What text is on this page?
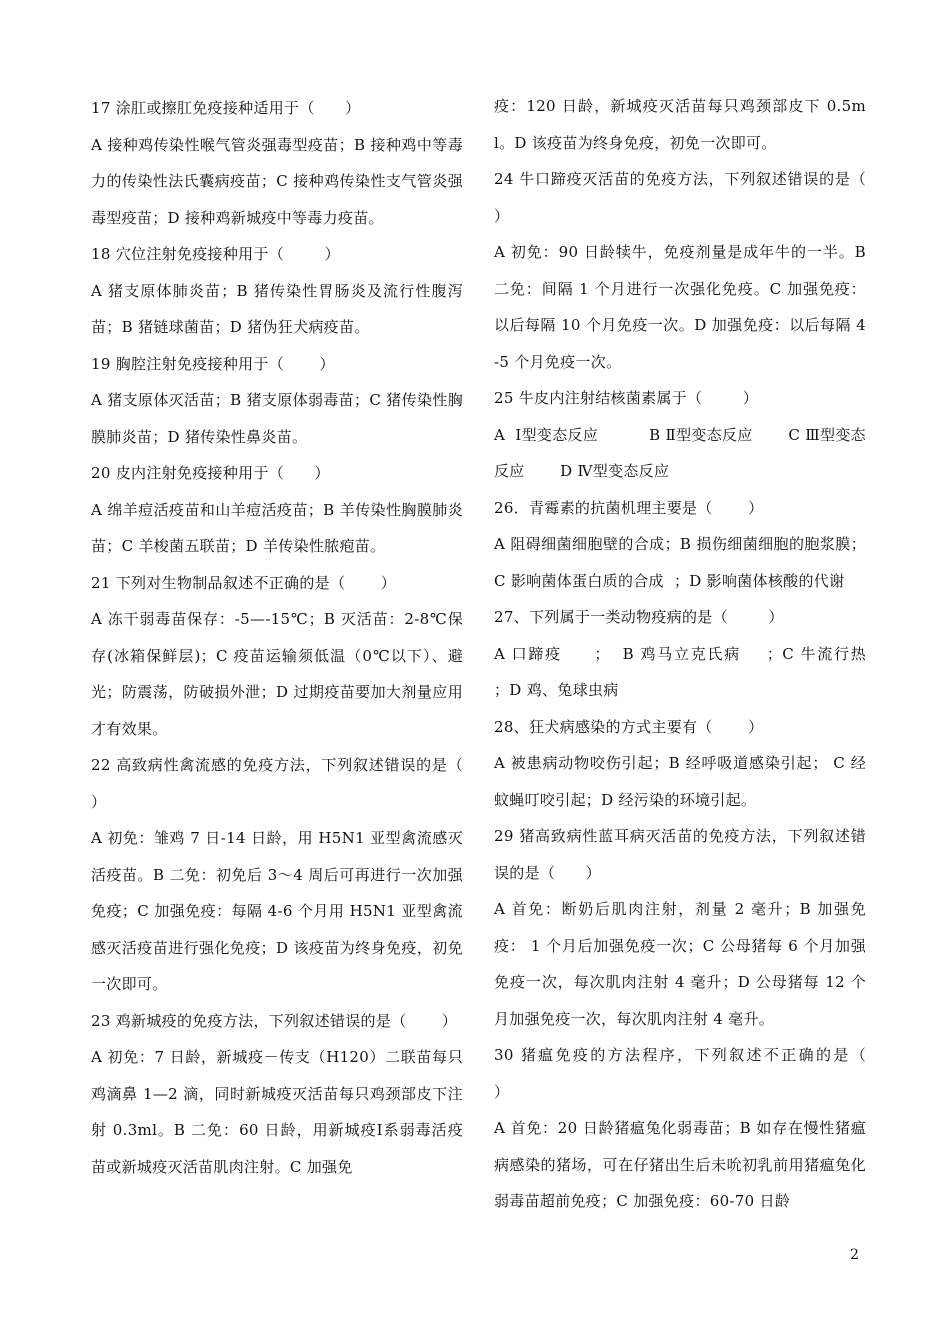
17 涂肛或擦肛免疫接种适用于（      ）

A 接种鸡传染性喉气管炎强毒型疫苗；B 接种鸡中等毒力的传染性法氏囊病疫苗；C 接种鸡传染性支气管炎强毒型疫苗；D 接种鸡新城疫中等毒力疫苗。

18 穴位注射免疫接种用于（        ）

A 猪支原体肺炎苗；B 猪传染性胃肠炎及流行性腹泻苗；B 猪链球菌苗；D 猪伪狂犬病疫苗。

19 胸腔注射免疫接种用于（       ）

A 猪支原体灭活苗；B 猪支原体弱毒苗；C 猪传染性胸膜肺炎苗；D 猪传染性鼻炎苗。

20 皮内注射免疫接种用于（      ）

A 绵羊痘活疫苗和山羊痘活疫苗；B 羊传染性胸膜肺炎苗；C 羊梭菌五联苗；D 羊传染性脓疱苗。

21 下列对生物制品叙述不正确的是（       ）

A 冻干弱毒苗保存：-5—-15℃；B 灭活苗：2-8℃保存(冰箱保鲜层)；C 疫苗运输须低温（0℃以下）、避光；防震荡，防破损外泄；D 过期疫苗要加大剂量应用才有效果。

22 高致病性禽流感的免疫方法，下列叙述错误的是（      ）

A 初免：雏鸡 7 日-14 日龄，用 H5N1 亚型禽流感灭活疫苗。B 二免：初免后 3～4 周后可再进行一次加强免疫；C 加强免疫：每隔 4-6 个月用 H5N1 亚型禽流感灭活疫苗进行强化免疫；D 该疫苗为终身免疫，初免一次即可。

23 鸡新城疫的免疫方法，下列叙述错误的是（       ）

A 初免：7 日龄，新城疫－传支（H120）二联苗每只鸡滴鼻 1—2 滴，同时新城疫灭活苗每只鸡颈部皮下注射 0.3ml。B 二免：60 日龄，用新城疫Ⅰ系弱毒活疫苗或新城疫灭活苗肌肉注射。C 加强免

疫：120 日龄，新城疫灭活苗每只鸡颈部皮下 0.5ml。D 该疫苗为终身免疫，初免一次即可。

24 牛口蹄疫灭活苗的免疫方法，下列叙述错误的是（       ）

A 初免：90 日龄犊牛，免疫剂量是成年牛的一半。B 二免：间隔 1 个月进行一次强化免疫。C 加强免疫：以后每隔 10 个月免疫一次。D 加强免疫：以后每隔 4-5 个月免疫一次。

25 牛皮内注射结核菌素属于（        ）

A  Ⅰ型变态反应          B Ⅱ型变态反应       C Ⅲ型变态反应       D Ⅳ型变态反应

26．青霉素的抗菌机理主要是（       ）

A 阻碍细菌细胞壁的合成；B 损伤细菌细胞的胞浆膜；C 影响菌体蛋白质的合成  ；D 影响菌体核酸的代谢

27、下列属于一类动物疫病的是（        ）

A 口蹄疫     ；  B 鸡马立克氏病    ；C 牛流行热      ；D 鸡、兔球虫病

28、狂犬病感染的方式主要有（       ）

A 被患病动物咬伤引起；B 经呼吸道感染引起； C 经蚊蝇叮咬引起；D 经污染的环境引起。

29 猪高致病性蓝耳病灭活苗的免疫方法，下列叙述错误的是（      ）

A 首免：断奶后肌肉注射，剂量 2 毫升；B 加强免疫： 1 个月后加强免疫一次；C 公母猪每 6 个月加强免疫一次，每次肌肉注射 4 毫升；D 公母猪每 12 个月加强免疫一次，每次肌肉注射 4 毫升。

30 猪瘟免疫的方法程序，下列叙述不正确的是（       ）

A 首免：20 日龄猪瘟兔化弱毒苗；B 如存在慢性猪瘟病感染的猪场，可在仔猪出生后未吮初乳前用猪瘟兔化弱毒苗超前免疫；C 加强免疫：60-70 日龄

2
